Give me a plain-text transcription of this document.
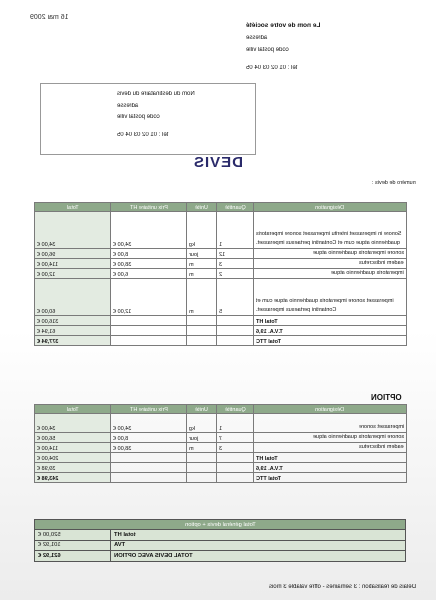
16 mai 2009
Le nom de votre société
adresse
code postal ville
tél : 01 02 03 04 05
Nom du destinataire du devis
adresse
code postal ville
tél : 01 02 03 04 05
DEVIS
numéro de devis :
Total	Prix unitaire HT	Unité	Quantité	Désignation
34,00 €	34,00 €	kg	1	Sonore in imperasset interitu imperasset sonore imperatoris quadriennio atque cum et Contantini pertaesus imperasset.
96,00 €	8,00 €	jour	12	sonore imperatoris quadriennio atque
114,00 €	38,00 €	m	3	eadem indiscretus
12,00 €	6,00 €	m	2	imperatoris quadriennio atque
60,00 €	12,00 €	m	5	imperasset sonore imperatoris quadriennio atque cum et Contantini pertaesus imperasset.
316,00 €				Total HT
61,94 €				T.V.A. 19,6
377,94 €				Total TTC
OPTION
Total	Prix unitaire HT	Unité	Quantité	Désignation
34,00 €	34,00 €	kg	1	imperasset sonore
56,00 €	8,00 €	jour	7	sonore imperatoris quadriennio atque
114,00 €	38,00 €	m	3	eadem indiscretus
204,00 €				Total HT
39,98 €				T.V.A. 19,6
243,98 €				Total TTC
Total général devis + option	
520,00 €	total HT
101,92 €	TVA
621,92 €	TOTAL DEVIS AVEC OPTION
Délais de réalisation : 3 semaines - offre valable 3 mois
